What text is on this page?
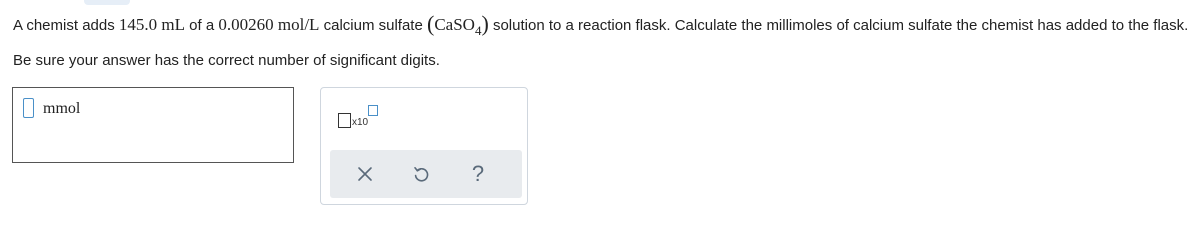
A chemist adds 145.0 mL of a 0.00260 mol/L calcium sulfate (CaSO$_4$) solution to a reaction flask. Calculate the millimoles of calcium sulfate the chemist has added to the flask. Be sure your answer has the correct number of significant digits.
mmol
x10
?
